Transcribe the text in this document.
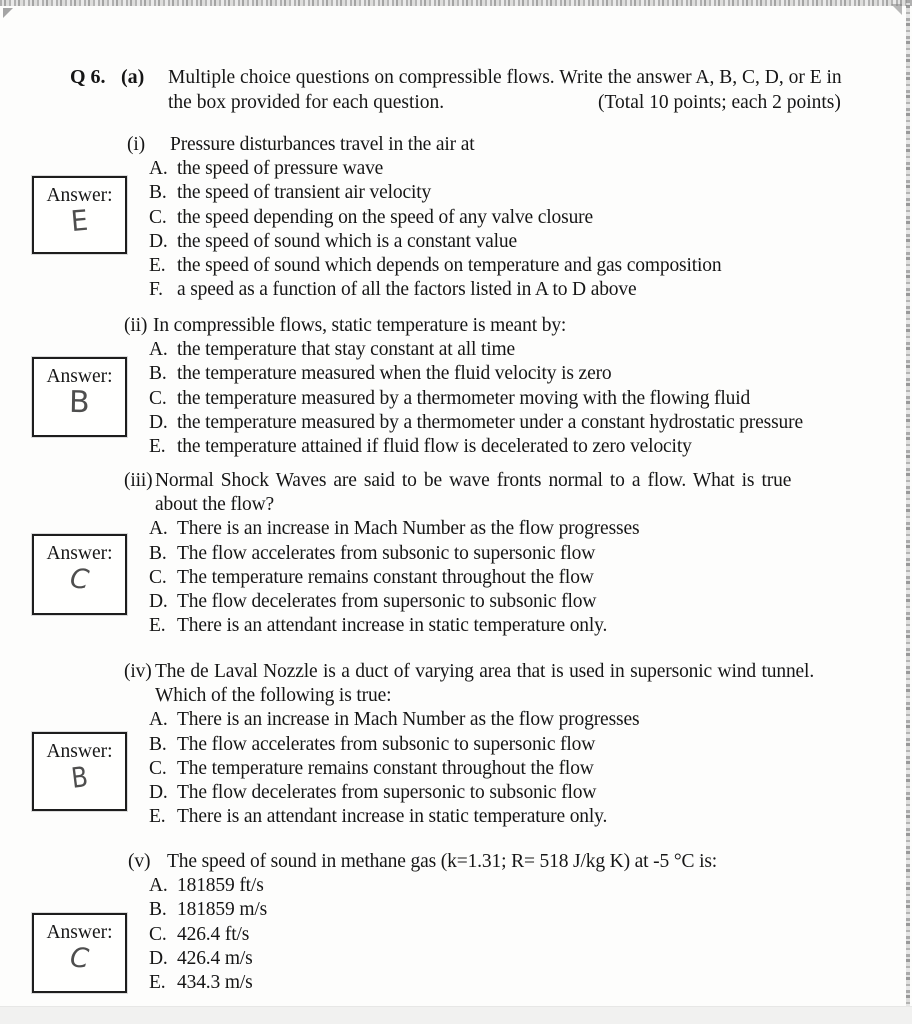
Q 6. (a) Multiple choice questions on compressible flows. Write the answer A, B, C, D, or E in
the box provided for each question.	(Total 10 points; each 2 points)
(i) Pressure disturbances travel in the air at
A. the speed of pressure wave
B. the speed of transient air velocity
C. the speed depending on the speed of any valve closure
D. the speed of sound which is a constant value
E. the speed of sound which depends on temperature and gas composition
F. a speed as a function of all the factors listed in A to D above
Answer:
E
(ii) In compressible flows, static temperature is meant by:
A. the temperature that stay constant at all time
B. the temperature measured when the fluid velocity is zero
C. the temperature measured by a thermometer moving with the flowing fluid
D. the temperature measured by a thermometer under a constant hydrostatic pressure
E. the temperature attained if fluid flow is decelerated to zero velocity
Answer:
B
(iii) Normal Shock Waves are said to be wave fronts normal to a flow. What is true
about the flow?
A. There is an increase in Mach Number as the flow progresses
B. The flow accelerates from subsonic to supersonic flow
C. The temperature remains constant throughout the flow
D. The flow decelerates from supersonic to subsonic flow
E. There is an attendant increase in static temperature only.
Answer:
C
(iv) The de Laval Nozzle is a duct of varying area that is used in supersonic wind tunnel.
Which of the following is true:
A. There is an increase in Mach Number as the flow progresses
B. The flow accelerates from subsonic to supersonic flow
C. The temperature remains constant throughout the flow
D. The flow decelerates from supersonic to subsonic flow
E. There is an attendant increase in static temperature only.
Answer:
B
(v) The speed of sound in methane gas (k=1.31; R= 518 J/kg K) at -5 °C is:
A. 181859 ft/s
B. 181859 m/s
C. 426.4 ft/s
D. 426.4 m/s
E. 434.3 m/s
Answer:
C
